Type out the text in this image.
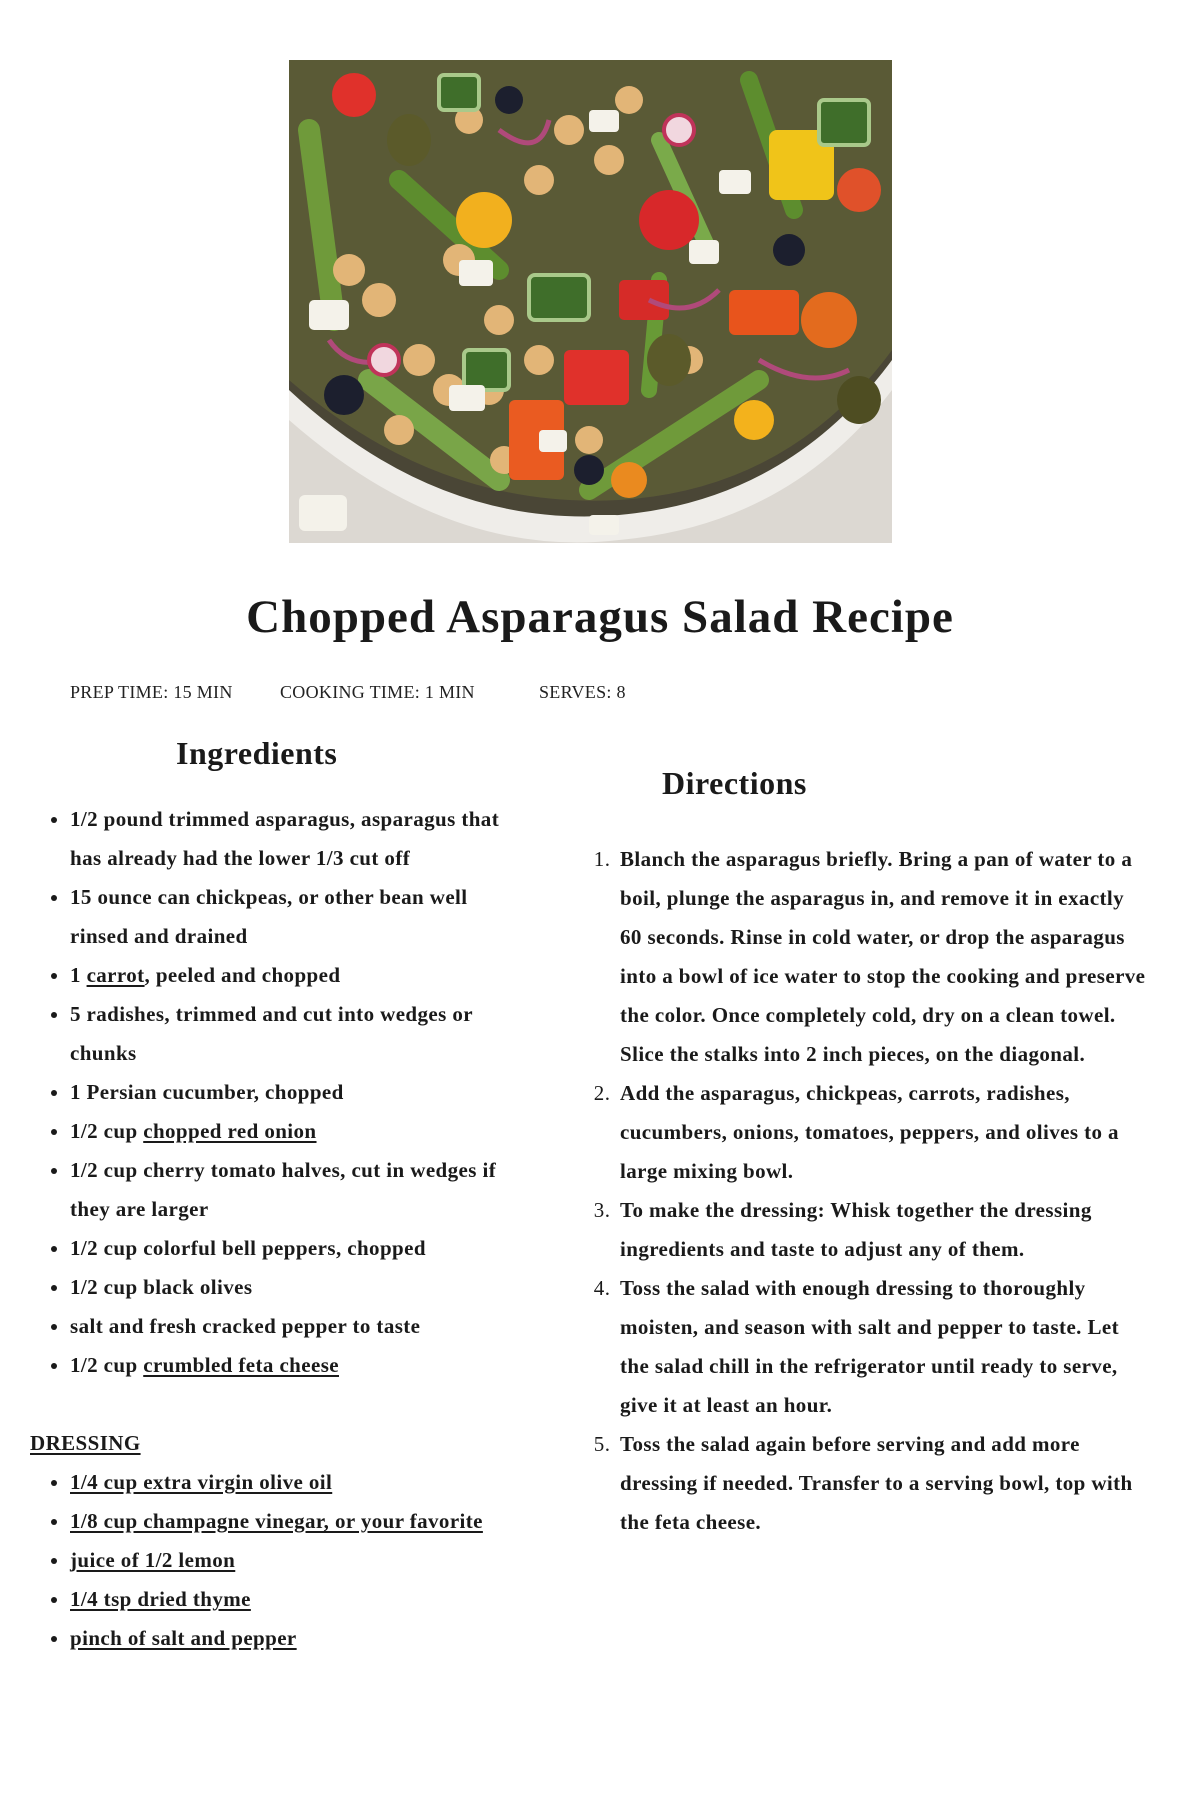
Chopped Asparagus Salad Recipe
PREP TIME: 15 MIN	COOKING TIME: 1 MIN	SERVES: 8
Ingredients
Directions
• 1/2 pound trimmed asparagus, asparagus that has already had the lower 1/3 cut off
• 15 ounce can chickpeas, or other bean well rinsed and drained
• 1 carrot, peeled and chopped
• 5 radishes, trimmed and cut into wedges or chunks
• 1 Persian cucumber, chopped
• 1/2 cup chopped red onion
• 1/2 cup cherry tomato halves, cut in wedges if they are larger
• 1/2 cup colorful bell peppers, chopped
• 1/2 cup black olives
• salt and fresh cracked pepper to taste
• 1/2 cup crumbled feta cheese
DRESSING
• 1/4 cup extra virgin olive oil
• 1/8 cup champagne vinegar, or your favorite
• juice of 1/2 lemon
• 1/4 tsp dried thyme
• pinch of salt and pepper
1. Blanch the asparagus briefly. Bring a pan of water to a boil, plunge the asparagus in, and remove it in exactly 60 seconds. Rinse in cold water, or drop the asparagus into a bowl of ice water to stop the cooking and preserve the color. Once completely cold, dry on a clean towel. Slice the stalks into 2 inch pieces, on the diagonal.
2. Add the asparagus, chickpeas, carrots, radishes, cucumbers, onions, tomatoes, peppers, and olives to a large mixing bowl.
3. To make the dressing: Whisk together the dressing ingredients and taste to adjust any of them.
4. Toss the salad with enough dressing to thoroughly moisten, and season with salt and pepper to taste. Let the salad chill in the refrigerator until ready to serve, give it at least an hour.
5. Toss the salad again before serving and add more dressing if needed. Transfer to a serving bowl, top with the feta cheese.
